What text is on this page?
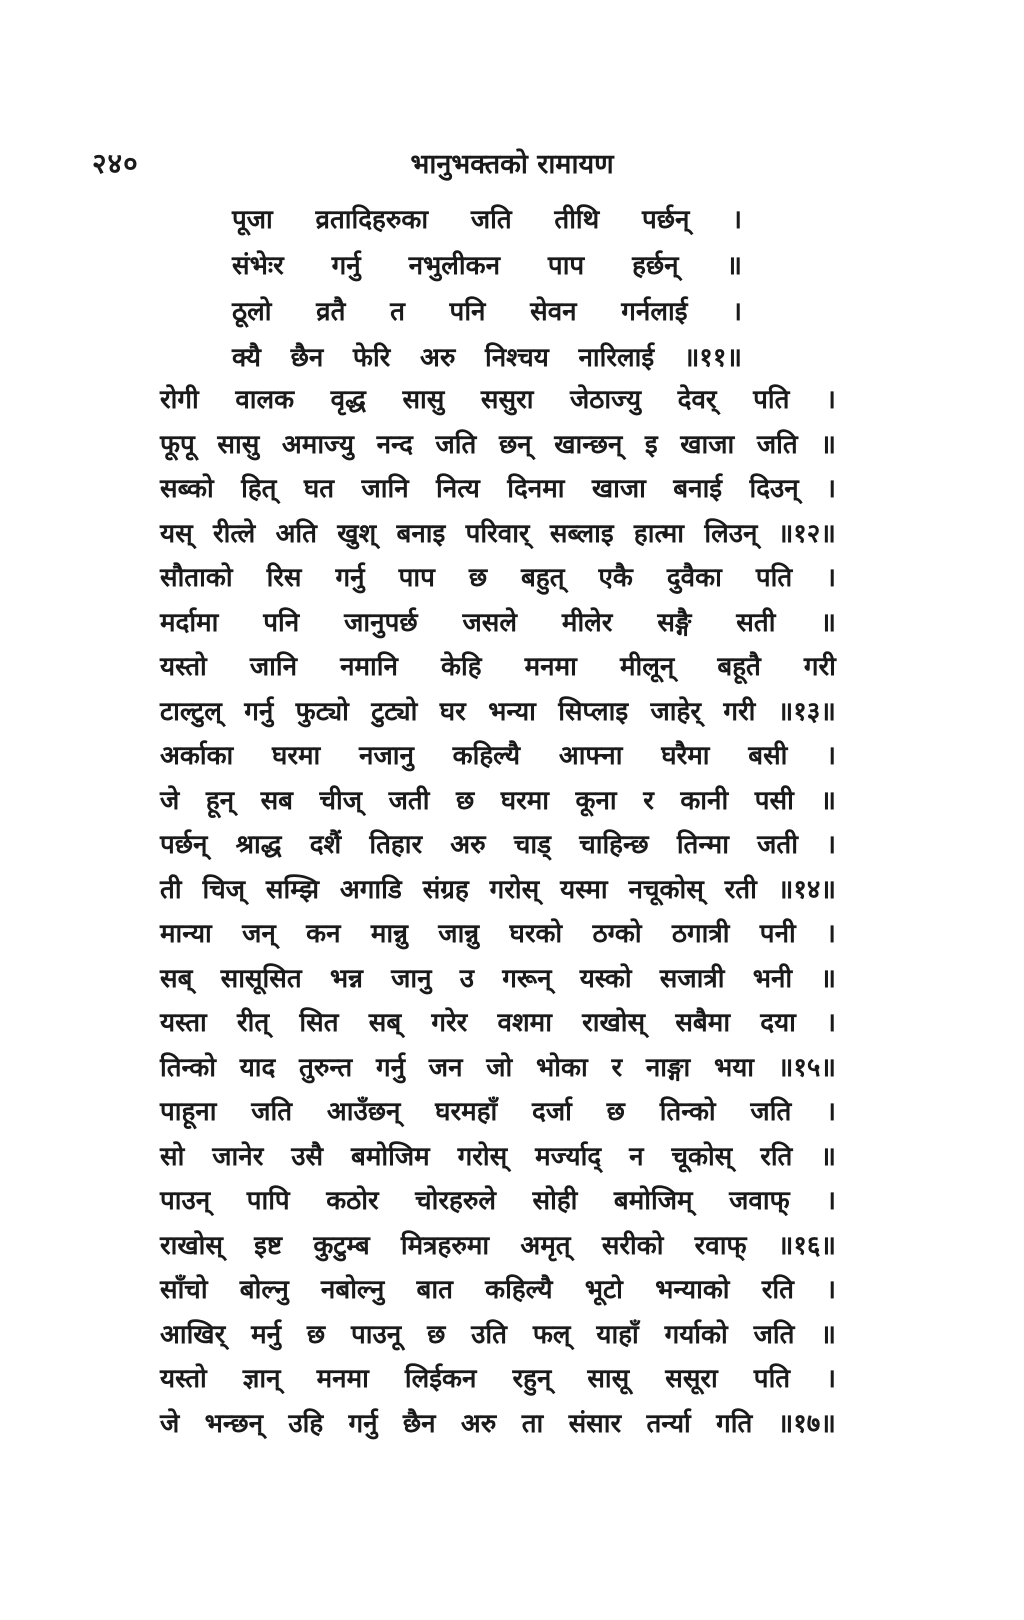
२४०	भानुभक्तको रामायण
पूजा व्रतादिहरुका जति तीथि पर्छन् ।
संभेःर गर्नु नभुलीकन पाप हर्छन् ॥
ठूलो व्रतै त पनि सेवन गर्नलाई ।
क्यै छैन फेरि अरु निश्चय नारिलाई ॥११॥
रोगी वालक वृद्ध सासु ससुरा जेठाज्यु देवर् पति ।
फूपू सासु अमाज्यु नन्द जति छन् खान्छन् इ खाजा जति ॥
सब्को हित् घत जानि नित्य दिनमा खाजा बनाई दिउन् ।
यस् रीत्ले अति खुश् बनाइ परिवार् सब्लाइ हात्मा लिउन् ॥१२॥
सौताको रिस गर्नु पाप छ बहुत् एकै दुवैका पति ।
मर्दामा पनि जानुपर्छ जसले मीलेर सङ्गै सती ॥
यस्तो जानि नमानि केहि मनमा मीलून् बहूतै गरी
टाल्टुल् गर्नु फुट्यो टुट्यो घर भन्या सिप्लाइ जाहेर् गरी ॥१३॥
अर्काका घरमा नजानु कहिल्यै आफ्ना घरैमा बसी ।
जे हून् सब चीज् जती छ घरमा कूना र कानी पसी ॥
पर्छन् श्राद्ध दशैं तिहार अरु चाड् चाहिन्छ तिन्मा जती ।
ती चिज् सम्झि अगाडि संग्रह गरोस् यस्मा नचूकोस् रती ॥१४॥
मान्या जन् कन मान्नु जान्नु घरको ठग्को ठगात्री पनी ।
सब् सासूसित भन्न जानु उ गरून् यस्को सजात्री भनी ॥
यस्ता रीत् सित सब् गरेर वशमा राखोस् सबैमा दया ।
तिन्को याद तुरुन्त गर्नु जन जो भोका र नाङ्गा भया ॥१५॥
पाहूना जति आउँछन् घरमहाँ दर्जा छ तिन्को जति ।
सो जानेर उसै बमोजिम गरोस् मर्ज्याद् न चूकोस् रति ॥
पाउन् पापि कठोर चोरहरुले सोही बमोजिम् जवाफ् ।
राखोस् इष्ट कुटुम्ब मित्रहरुमा अमृत् सरीको रवाफ् ॥१६॥
साँचो बोल्नु नबोल्नु बात कहिल्यै भूटो भन्याको रति ।
आखिर् मर्नु छ पाउनू छ उति फल् याहाँ गर्याको जति ॥
यस्तो ज्ञान् मनमा लिईकन रहुन् सासू ससूरा पति ।
जे भन्छन् उहि गर्नु छैन अरु ता संसार तर्न्या गति ॥१७॥
